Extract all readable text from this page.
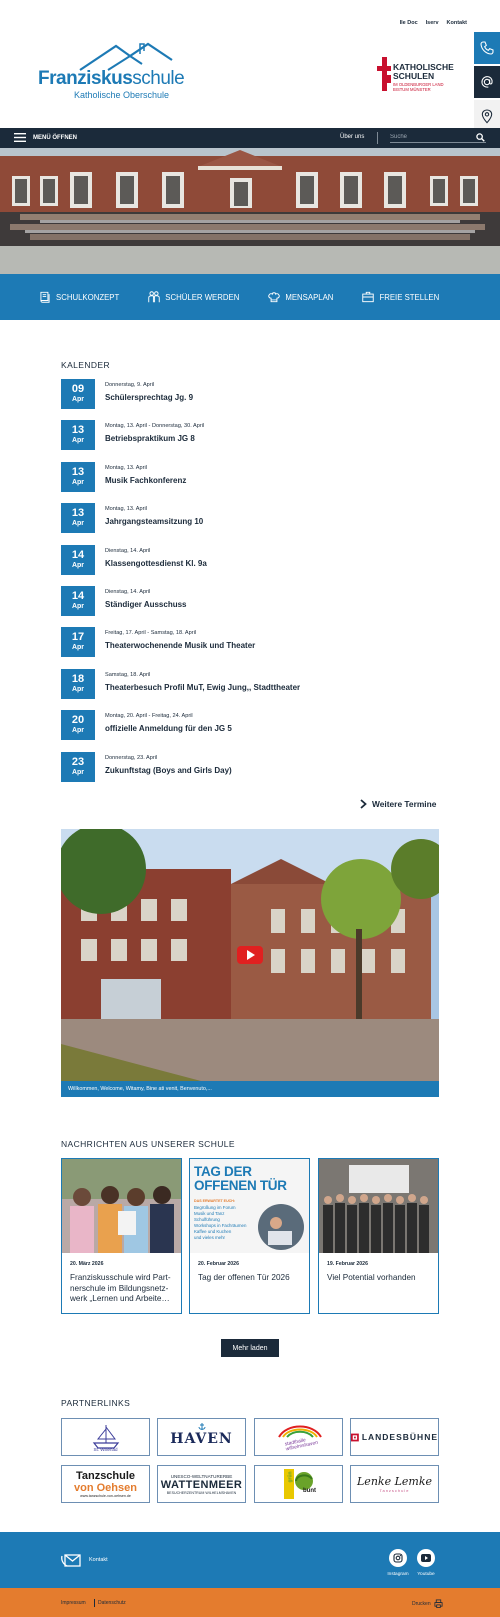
Ile Doc Iserv Kontakt
Franziskusschule
Katholische Oberschule
KATHOLISCHE
SCHULEN
IM OLDENBURGER LAND
BISTUM MÜNSTER
MENÜ ÖFFNEN	Über uns
Suche
SCHULKONZEPT	SCHÜLER WERDEN	MENSAPLAN	FREIE STELLEN
KALENDER
09
Apr
Donnerstag, 9. April
Schülersprechtag Jg. 9
13
Apr
Montag, 13. April - Donnerstag, 30. April
Betriebspraktikum JG 8
13
Apr
Montag, 13. April
Musik Fachkonferenz
13
Apr
Montag, 13. April
Jahrgangsteamsitzung 10
14
Apr
Dienstag, 14. April
Klassengottesdienst Kl. 9a
14
Apr
Dienstag, 14. April
Ständiger Ausschuss
17
Apr
Freitag, 17. April - Samstag, 18. April
Theaterwochenende Musik und Theater
18
Apr
Samstag, 18. April
Theaterbesuch Profil MuT, Ewig Jung,, Stadttheater
20
Apr
Montag, 20. April - Freitag, 24. April
offizielle Anmeldung für den JG 5
23
Apr
Donnerstag, 23. April
Zukunftstag (Boys and Girls Day)
Weitere Termine
Willkommen, Welcome, Witamy, Bine ati venit, Benvenuto,...
NACHRICHTEN AUS UNSERER SCHULE
20. März 2026
Franziskusschule wird Partnerschule im Bildungsnetzwerk „Lernen und Arbeite…
TAG DER
OFFENEN TÜR
DAS ERWARTET EUCH:
Begrüßung im Forum
Musik und Tanz
Schulführung
Workshops in Fachräumen
Kaffee und Kuchen
und vieles mehr
20. Februar 2026
Tag der offenen Tür 2026
19. Februar 2026
Viel Potential vorhanden
Mehr laden
PARTNERLINKS
St. Willehad
HAVEN	stadthalle wilhelmshaven
LANDESBÜHNE
Tanzschule
von Oehsen
www.tanzschule-von-oehsen.de
UNESCO-WELTNATURERBE
WATTENMEER
BESUCHERZENTRUM WILHELMSHAVEN
grün
bunt
Lenke Lemke
Tanzschule
Kontakt
Instagram	Youtube
Impressum Datenschutz	Drucken
